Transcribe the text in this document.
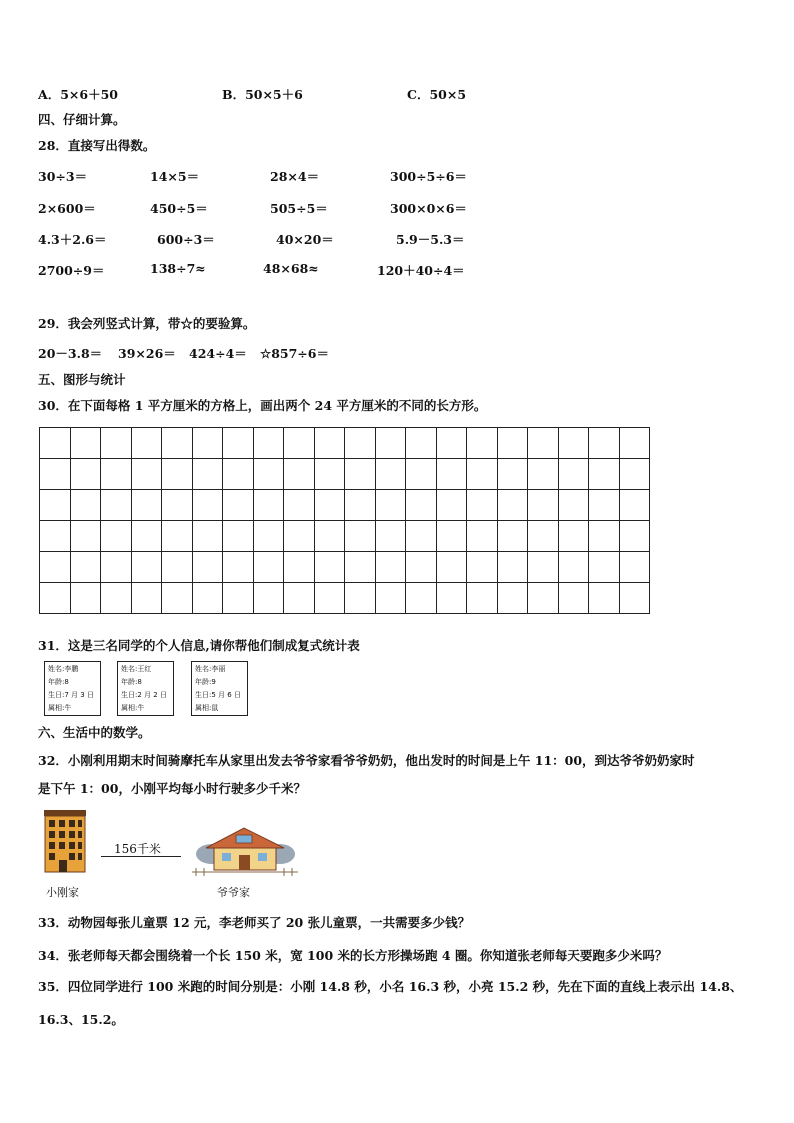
A．5×6＋50	B．50×5＋6	C．50×5
四、仔细计算。
28．直接写出得数。
30÷3＝	14×5＝	28×4＝	300÷5÷6＝
2×600＝	450÷5＝	505÷5＝	300×0×6＝
4.3＋2.6＝	600÷3＝	40×20＝	5.9－5.3＝
2700÷9＝	138÷7≈	48×68≈	120＋40÷4＝
29．我会列竖式计算，带☆的要验算。
20－3.8＝ 39×26＝ 424÷4＝ ☆857÷6＝
五、图形与统计
30．在下面每格 1 平方厘米的方格上，画出两个 24 平方厘米的不同的长方形。

31．这是三名同学的个人信息,请你帮他们制成复式统计表
姓名:李鹏
年龄:8
生日:7 月 3 日
属相:牛
姓名:王红
年龄:8
生日:2 月 2 日
属相:牛
姓名:李丽
年龄:9
生日:5 月 6 日
属相:鼠
六、生活中的数学。
32．小刚利用期末时间骑摩托车从家里出发去爷爷家看爷爷奶奶，他出发时的时间是上午 11：00，到达爷爷奶奶家时
是下午 1：00，小刚平均每小时行驶多少千米？
小刚家
156千米
爷爷家
33．动物园每张儿童票 12 元，李老师买了 20 张儿童票，一共需要多少钱？
34．张老师每天都会围绕着一个长 150 米，宽 100 米的长方形操场跑 4 圈。你知道张老师每天要跑多少米吗？
35．四位同学进行 100 米跑的时间分别是：小刚 14.8 秒，小名 16.3 秒，小亮 15.2 秒，先在下面的直线上表示出 14.8、
16.3、15.2。
